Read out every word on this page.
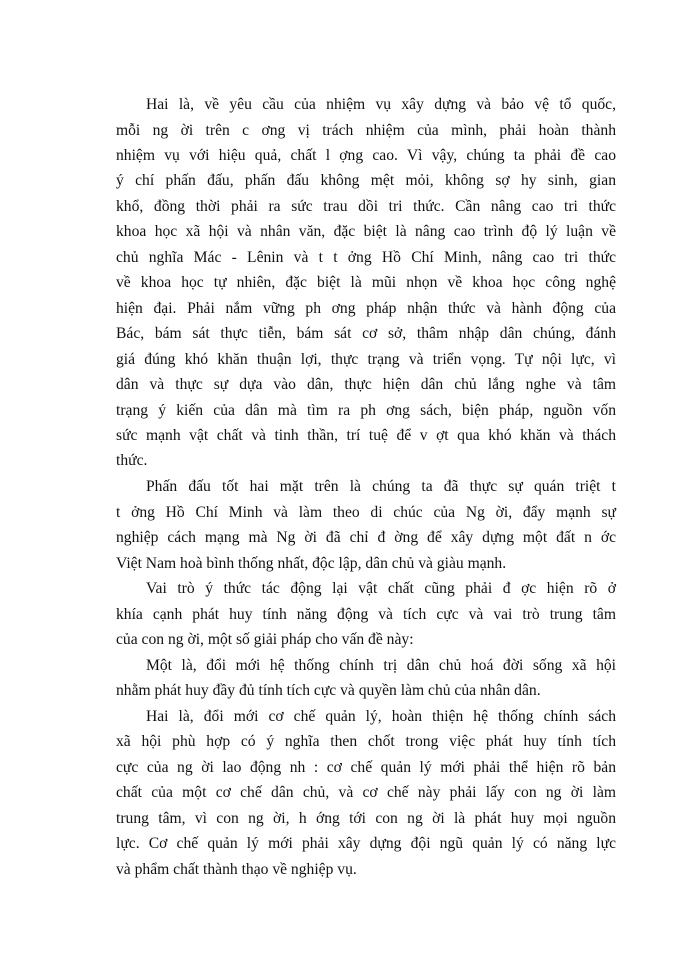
Hai là, về yêu cầu của nhiệm vụ xây dựng và bảo vệ tổ quốc,
mỗi ng ời trên c ơng vị trách nhiệm của mình, phải hoàn thành
nhiệm vụ với hiệu quả, chất l ợng cao. Vì vậy, chúng ta phải đề cao
ý chí phấn đấu, phấn đấu không mệt mỏi, không sợ hy sinh, gian
khổ, đồng thời phải ra sức trau dồi tri thức. Cần nâng cao tri thức
khoa học xã hội và nhân văn, đặc biệt là nâng cao trình độ lý luận về
chủ nghĩa Mác - Lênin và t t ởng Hồ Chí Minh, nâng cao tri thức
về khoa học tự nhiên, đặc biệt là mũi nhọn về khoa học công nghệ
hiện đại. Phải nắm vững ph ơng pháp nhận thức và hành động của
Bác, bám sát thực tiễn, bám sát cơ sở, thâm nhập dân chúng, đánh
giá đúng khó khăn thuận lợi, thực trạng và triển vọng. Tự nội lực, vì
dân và thực sự dựa vào dân, thực hiện dân chủ lắng nghe và tâm
trạng ý kiến của dân mà tìm ra ph ơng sách, biện pháp, nguồn vốn
sức mạnh vật chất và tinh thần, trí tuệ để v ợt qua khó khăn và thách
thức.
Phấn đấu tốt hai mặt trên là chúng ta đã thực sự quán triệt t
t ởng Hồ Chí Minh và làm theo di chúc của Ng ời, đẩy mạnh sự
nghiệp cách mạng mà Ng ời đã chỉ đ ờng để xây dựng một đất n ớc
Việt Nam hoà bình thống nhất, độc lập, dân chủ và giàu mạnh.
Vai trò ý thức tác động lại vật chất cũng phải đ ợc hiện rõ ở
khía cạnh phát huy tính năng động và tích cực và vai trò trung tâm
của con ng ời, một số giải pháp cho vấn đề này:
Một là, đổi mới hệ thống chính trị dân chủ hoá đời sống xã hội
nhằm phát huy đầy đủ tính tích cực và quyền làm chủ của nhân dân.
Hai là, đổi mới cơ chế quản lý, hoàn thiện hệ thống chính sách
xã hội phù hợp có ý nghĩa then chốt trong việc phát huy tính tích
cực của ng ời lao động nh : cơ chế quản lý mới phải thể hiện rõ bản
chất của một cơ chế dân chủ, và cơ chế này phải lấy con ng ời làm
trung tâm, vì con ng ời, h ớng tới con ng ời là phát huy mọi nguồn
lực. Cơ chế quản lý mới phải xây dựng đội ngũ quản lý có năng lực
và phẩm chất thành thạo về nghiệp vụ.
